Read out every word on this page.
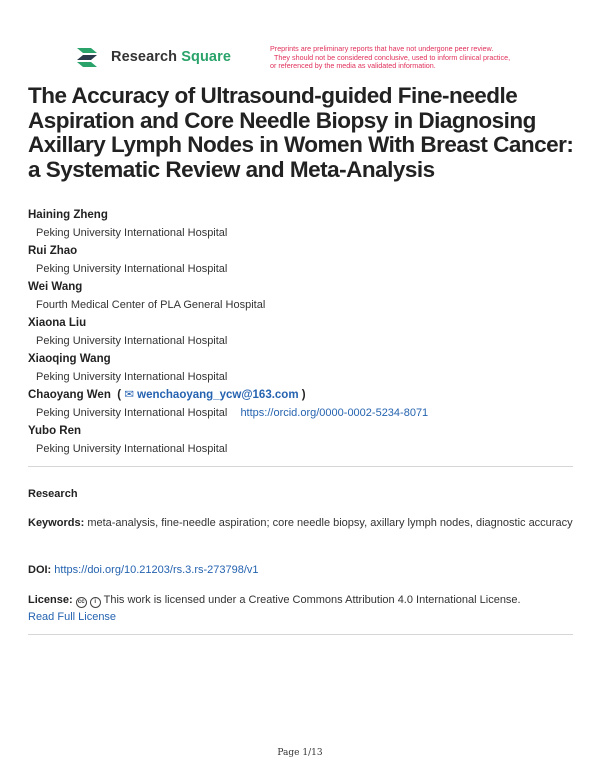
Research Square
Preprints are preliminary reports that have not undergone peer review.
They should not be considered conclusive, used to inform clinical practice,
or referenced by the media as validated information.
The Accuracy of Ultrasound-guided Fine-needle Aspiration and Core Needle Biopsy in Diagnosing Axillary Lymph Nodes in Women With Breast Cancer: a Systematic Review and Meta-Analysis
Haining Zheng
Peking University International Hospital
Rui Zhao
Peking University International Hospital
Wei Wang
Fourth Medical Center of PLA General Hospital
Xiaona Liu
Peking University International Hospital
Xiaoqing Wang
Peking University International Hospital
Chaoyang Wen  ( ✉ wenchaoyang_ycw@163.com )
Peking University International Hospital https://orcid.org/0000-0002-5234-8071
Yubo Ren
Peking University International Hospital
Research
Keywords: meta-analysis, fine-needle aspiration; core needle biopsy, axillary lymph nodes, diagnostic accuracy
DOI: https://doi.org/10.21203/rs.3.rs-273798/v1
License: cc i This work is licensed under a Creative Commons Attribution 4.0 International License.
Read Full License
Page 1/13
